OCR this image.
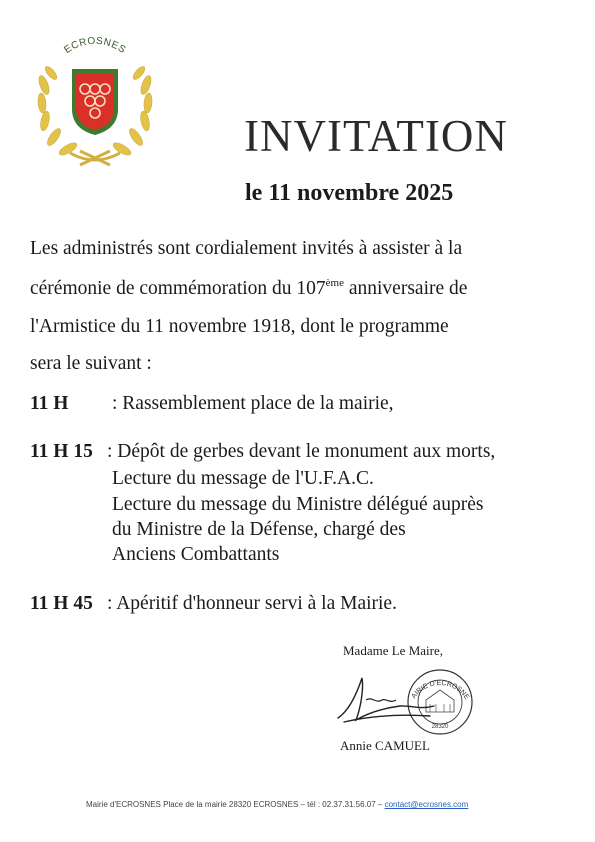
ECROSNES
INVITATION
le 11 novembre 2025
Les administrés sont cordialement invités à assister à la
cérémonie de commémoration du 107ème anniversaire de
l'Armistice du 11 novembre 1918, dont le programme
sera le suivant :
11 H : Rassemblement place de la mairie,
11 H 15 : Dépôt de gerbes devant le monument aux morts,
Lecture du message de l'U.F.A.C.
Lecture du message du Ministre délégué auprès
du Ministre de la Défense, chargé des
Anciens Combattants
11 H 45 : Apéritif d'honneur servi à la Mairie.
Madame Le Maire,
AIRIE D'ECROSNE
28320
Annie CAMUEL
Mairie d'ECROSNES Place de la mairie 28320 ECROSNES – tél : 02.37.31.56.07 – contact@ecrosnes.com
